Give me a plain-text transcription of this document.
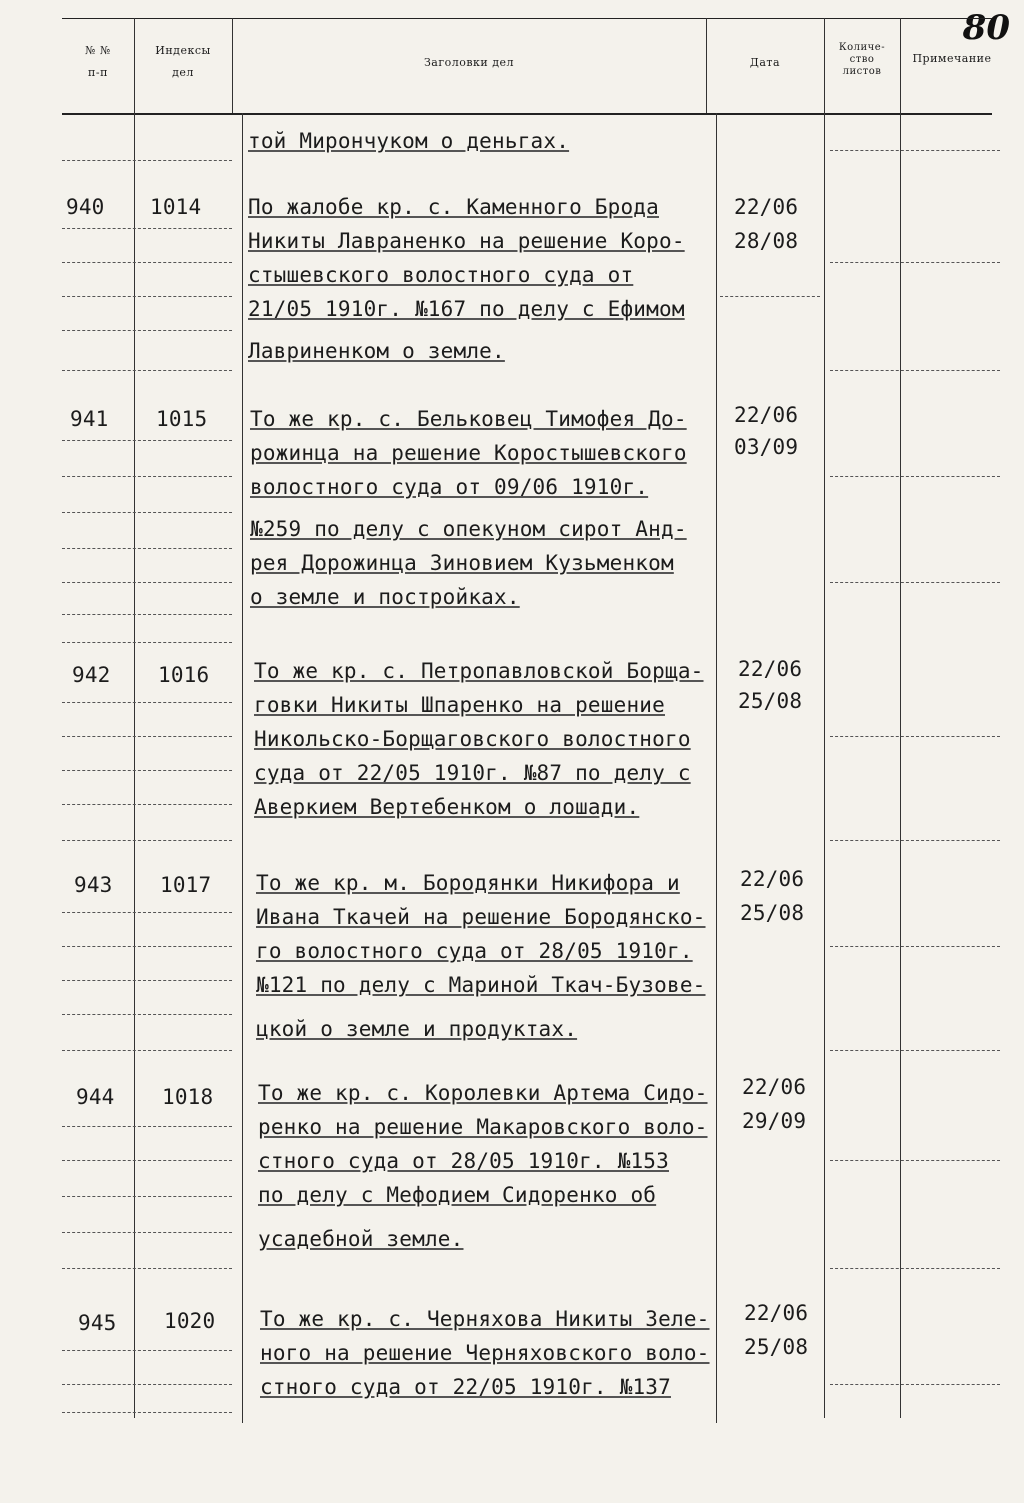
80
№ №
п-п
Индексы
дел
Заголовки дел	Дата
Количе-
ство
листов
Примечание
той Мирончуком о деньгах.
940 1014 По жалобе кр. с. Каменного Брода
Никиты Лавраненко на решение Коро-
стышевского волостного суда от
21/05 1910г. №167 по делу с Ефимом
Лавриненком о земле.
22/06
28/08
941 1015 То же кр. с. Бельковец Тимофея До-
рожинца на решение Коростышевского
волостного суда от 09/06 1910г.
№259 по делу с опекуном сирот Анд-
рея Дорожинца Зиновием Кузьменком
о земле и постройках.
22/06
03/09
942 1016 То же кр. с. Петропавловской Борща-
говки Никиты Шпаренко на решение
Никольско-Борщаговского волостного
суда от 22/05 1910г. №87 по делу с
Аверкием Вертебенком о лошади.
22/06
25/08
943 1017 То же кр. м. Бородянки Никифора и
Ивана Ткачей на решение Бородянско-
го волостного суда от 28/05 1910г.
№121 по делу с Мариной Ткач-Бузове-
цкой о земле и продуктах.
22/06
25/08
944 1018 То же кр. с. Королевки Артема Сидо-
ренко на решение Макаровского воло-
стного суда от 28/05 1910г. №153
по делу с Мефодием Сидоренко об
усадебной земле.
22/06
29/09
945 1020 То же кр. с. Черняхова Никиты Зеле-
ного на решение Черняховского воло-
стного суда от 22/05 1910г. №137
22/06
25/08
